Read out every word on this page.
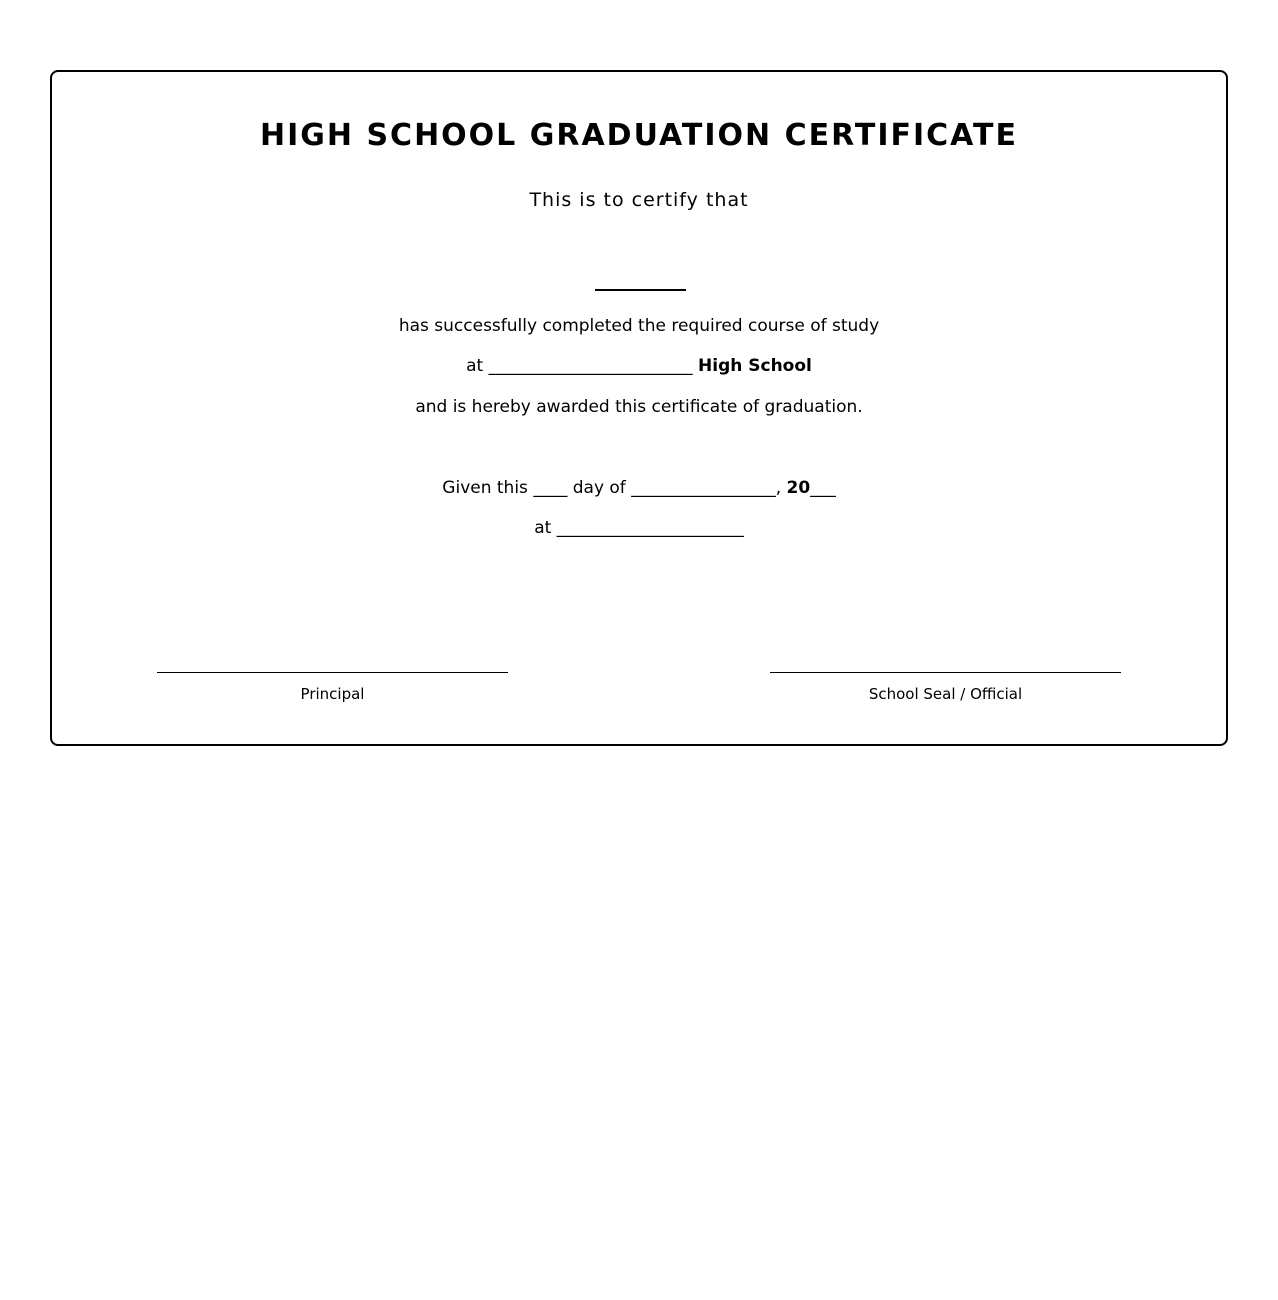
HIGH SCHOOL GRADUATION CERTIFICATE
This is to certify that
has successfully completed the required course of study
at ________________________ High School
and is hereby awarded this certificate of graduation.
Given this ____ day of _________________, 20___
at ______________________
Principal	School Seal / Official
